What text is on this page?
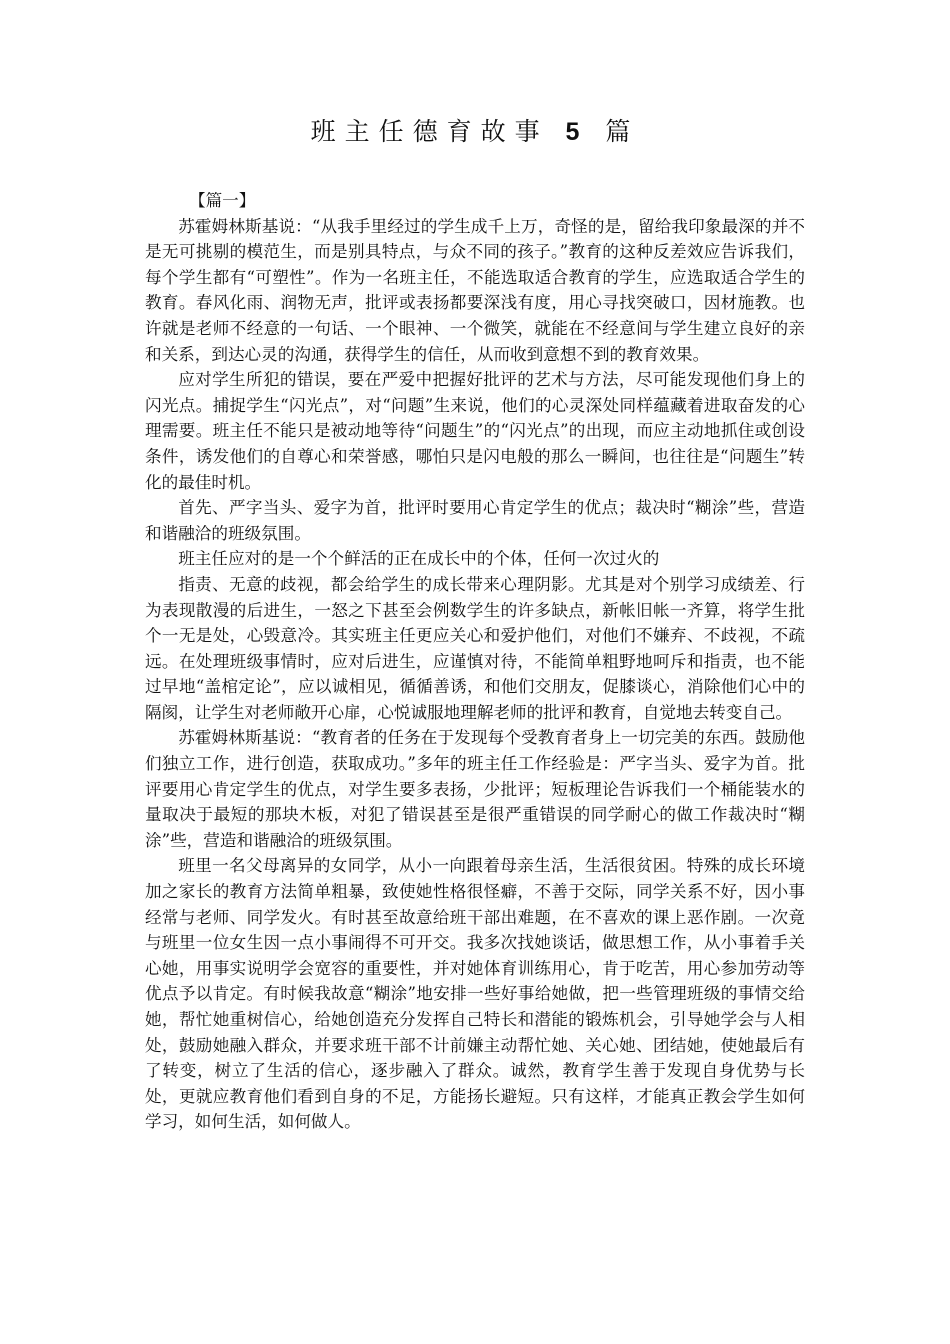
班主任德育故事 5 篇

【篇一】

苏霍姆林斯基说：“从我手里经过的学生成千上万，奇怪的是，留给我印象最深的并不是无可挑剔的模范生，而是别具特点，与众不同的孩子。”教育的这种反差效应告诉我们，每个学生都有“可塑性”。作为一名班主任，不能选取适合教育的学生，应选取适合学生的教育。春风化雨、润物无声，批评或表扬都要深浅有度，用心寻找突破口，因材施教。也许就是老师不经意的一句话、一个眼神、一个微笑，就能在不经意间与学生建立良好的亲和关系，到达心灵的沟通，获得学生的信任，从而收到意想不到的教育效果。

应对学生所犯的错误，要在严爱中把握好批评的艺术与方法，尽可能发现他们身上的闪光点。捕捉学生“闪光点”，对“问题”生来说，他们的心灵深处同样蕴藏着进取奋发的心理需要。班主任不能只是被动地等待“问题生”的“闪光点”的出现，而应主动地抓住或创设条件，诱发他们的自尊心和荣誉感，哪怕只是闪电般的那么一瞬间，也往往是“问题生”转化的最佳时机。

首先、严字当头、爱字为首，批评时要用心肯定学生的优点；裁决时“糊涂”些，营造和谐融洽的班级氛围。

班主任应对的是一个个鲜活的正在成长中的个体，任何一次过火的

指责、无意的歧视，都会给学生的成长带来心理阴影。尤其是对个别学习成绩差、行为表现散漫的后进生，一怒之下甚至会例数学生的许多缺点，新帐旧帐一齐算，将学生批个一无是处，心毁意冷。其实班主任更应关心和爱护他们，对他们不嫌弃、不歧视，不疏远。在处理班级事情时，应对后进生，应谨慎对待，不能简单粗野地呵斥和指责，也不能过早地“盖棺定论”，应以诚相见，循循善诱，和他们交朋友，促膝谈心，消除他们心中的隔阂，让学生对老师敞开心扉，心悦诚服地理解老师的批评和教育，自觉地去转变自己。

苏霍姆林斯基说：“教育者的任务在于发现每个受教育者身上一切完美的东西。鼓励他们独立工作，进行创造，获取成功。”多年的班主任工作经验是：严字当头、爱字为首。批评要用心肯定学生的优点，对学生要多表扬，少批评；短板理论告诉我们一个桶能装水的量取决于最短的那块木板，对犯了错误甚至是很严重错误的同学耐心的做工作裁决时“糊涂”些，营造和谐融洽的班级氛围。

班里一名父母离异的女同学，从小一向跟着母亲生活，生活很贫困。特殊的成长环境加之家长的教育方法简单粗暴，致使她性格很怪癖，不善于交际，同学关系不好，因小事经常与老师、同学发火。有时甚至故意给班干部出难题，在不喜欢的课上恶作剧。一次竟与班里一位女生因一点小事闹得不可开交。我多次找她谈话，做思想工作，从小事着手关心她，用事实说明学会宽容的重要性，并对她体育训练用心，肯于吃苦，用心参加劳动等优点予以肯定。有时候我故意“糊涂”地安排一些好事给她做，把一些管理班级的事情交给她，帮忙她重树信心，给她创造充分发挥自己特长和潜能的锻炼机会，引导她学会与人相处，鼓励她融入群众，并要求班干部不计前嫌主动帮忙她、关心她、团结她，使她最后有了转变，树立了生活的信心，逐步融入了群众。诚然，教育学生善于发现自身优势与长处，更就应教育他们看到自身的不足，方能扬长避短。只有这样，才能真正教会学生如何学习，如何生活，如何做人。
